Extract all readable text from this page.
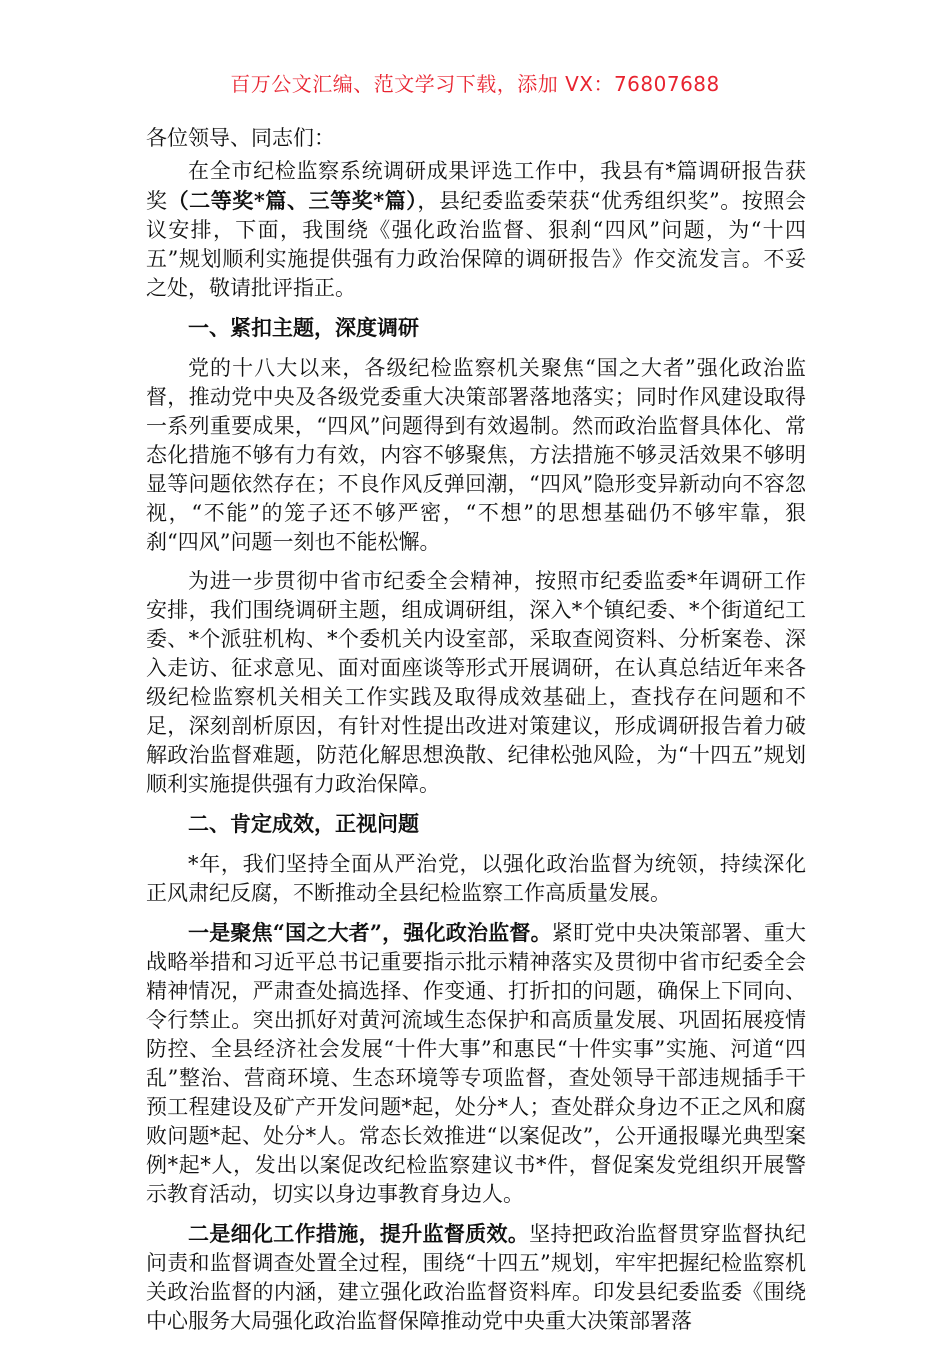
百万公文汇编、范文学习下载，添加 VX：76807688

各位领导、同志们：

在全市纪检监察系统调研成果评选工作中，我县有*篇调研报告获奖（二等奖*篇、三等奖*篇），县纪委监委荣获“优秀组织奖”。按照会议安排，下面，我围绕《强化政治监督、狠刹“四风”问题，为“十四五”规划顺利实施提供强有力政治保障的调研报告》作交流发言。不妥之处，敬请批评指正。

一、紧扣主题，深度调研

党的十八大以来，各级纪检监察机关聚焦“国之大者”强化政治监督，推动党中央及各级党委重大决策部署落地落实；同时作风建设取得一系列重要成果，“四风”问题得到有效遏制。然而政治监督具体化、常态化措施不够有力有效，内容不够聚焦，方法措施不够灵活效果不够明显等问题依然存在；不良作风反弹回潮，“四风”隐形变异新动向不容忽视，“不能”的笼子还不够严密，“不想”的思想基础仍不够牢靠，狠刹“四风”问题一刻也不能松懈。

为进一步贯彻中省市纪委全会精神，按照市纪委监委*年调研工作安排，我们围绕调研主题，组成调研组，深入*个镇纪委、*个街道纪工委、*个派驻机构、*个委机关内设室部，采取查阅资料、分析案卷、深入走访、征求意见、面对面座谈等形式开展调研，在认真总结近年来各级纪检监察机关相关工作实践及取得成效基础上，查找存在问题和不足，深刻剖析原因，有针对性提出改进对策建议，形成调研报告着力破解政治监督难题，防范化解思想涣散、纪律松弛风险，为“十四五”规划顺利实施提供强有力政治保障。

二、肯定成效，正视问题

*年，我们坚持全面从严治党，以强化政治监督为统领，持续深化正风肃纪反腐，不断推动全县纪检监察工作高质量发展。

一是聚焦“国之大者”，强化政治监督。紧盯党中央决策部署、重大战略举措和习近平总书记重要指示批示精神落实及贯彻中省市纪委全会精神情况，严肃查处搞选择、作变通、打折扣的问题，确保上下同向、令行禁止。突出抓好对黄河流域生态保护和高质量发展、巩固拓展疫情防控、全县经济社会发展“十件大事”和惠民“十件实事”实施、河道“四乱”整治、营商环境、生态环境等专项监督，查处领导干部违规插手干预工程建设及矿产开发问题*起，处分*人；查处群众身边不正之风和腐败问题*起、处分*人。常态长效推进“以案促改”，公开通报曝光典型案例*起*人，发出以案促改纪检监察建议书*件，督促案发党组织开展警示教育活动，切实以身边事教育身边人。

二是细化工作措施，提升监督质效。坚持把政治监督贯穿监督执纪问责和监督调查处置全过程，围绕“十四五”规划，牢牢把握纪检监察机关政治监督的内涵，建立强化政治监督资料库。印发县纪委监委《围绕中心服务大局强化政治监督保障推动党中央重大决策部署落
